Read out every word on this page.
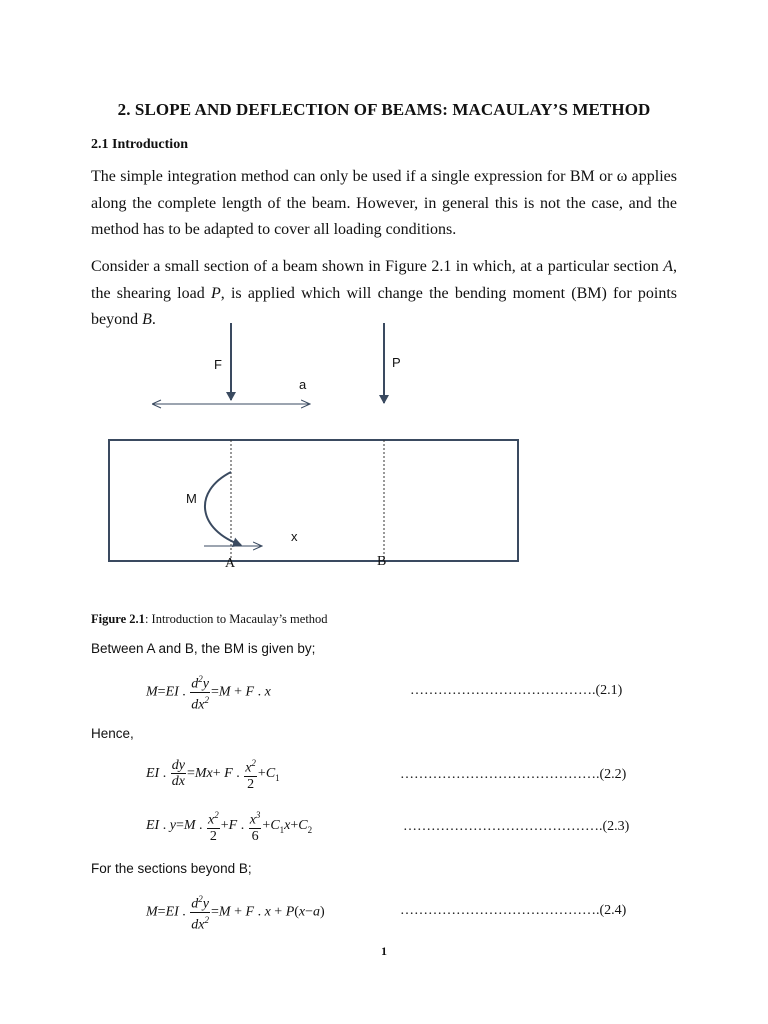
2. SLOPE AND DEFLECTION OF BEAMS: MACAULAY’S METHOD
2.1 Introduction

The simple integration method can only be used if a single expression for BM or ω applies along the complete length of the beam. However, in general this is not the case, and the method has to be adapted to cover all loading conditions.

Consider a small section of a beam shown in Figure 2.1 in which, at a particular section A, the shearing load P, is applied which will change the bending moment (BM) for points beyond B.

F	P
a
M
x
A	B
Figure 2.1: Introduction to Macaulay’s method
Between A and B, the BM is given by;
M=EI . $\frac{d^2y}{dx^2} =M + F$ . x	………………………………….(2.1)
Hence,
EI . $\frac{dy}{dx} =Mx+ F$ . $\frac{x^2}{2} +C_1$	…………………………………….(2.2)
EI . y=M . $\frac{x^2}{2} +F$ . $\frac{x^3}{6} +C_1x+C_2$	…………………………………….(2.3)
For the sections beyond B;
M=EI . $\frac{d^2y}{dx^2} =M + F$ . x + P(x−a)	…………………………………….(2.4)
1
